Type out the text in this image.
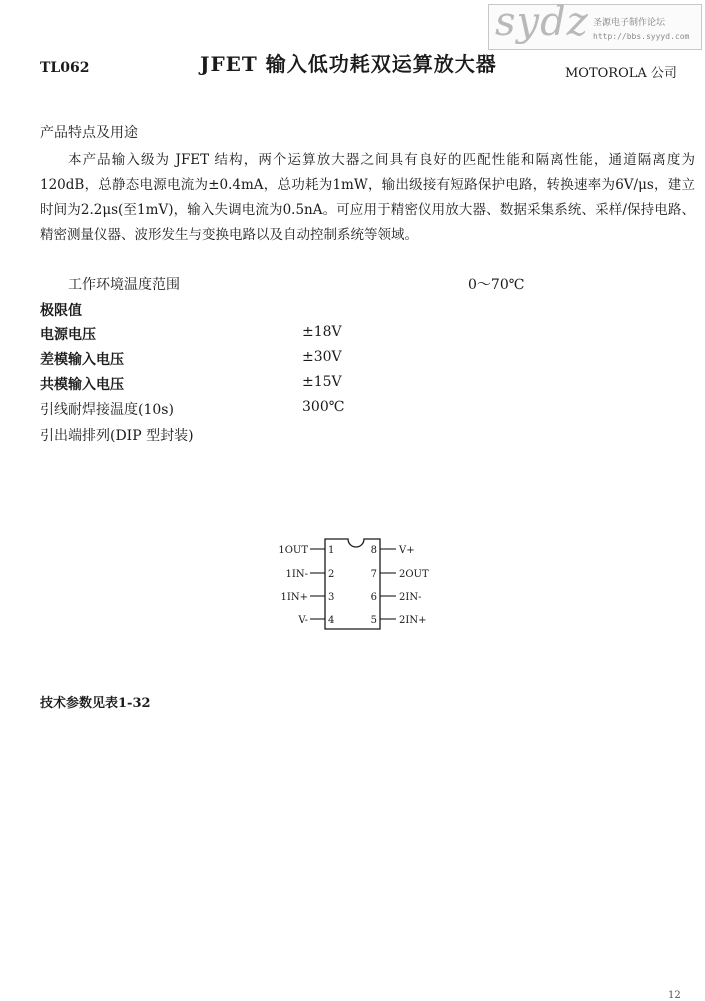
sydz 圣源电子制作论坛
http://bbs.syyyd.com
TL062	JFET 输入低功耗双运算放大器	MOTOROLA 公司
产品特点及用途
本产品输入级为 JFET 结构，两个运算放大器之间具有良好的匹配性能和隔离性能，通道隔离度为120dB，总静态电源电流为±0.4mA，总功耗为1mW，输出级接有短路保护电路，转换速率为6V/μs，建立时间为2.2μs(至1mV)，输入失调电流为0.5nA。可应用于精密仪用放大器、数据采集系统、采样/保持电路、精密测量仪器、波形发生与变换电路以及自动控制系统等领域。
工作环境温度范围	0～70℃
极限值
电源电压	±18V
差模输入电压	±30V
共模输入电压	±15V
引线耐焊接温度(10s)	300℃
引出端排列(DIP 型封装)
1OUT 1
1IN- 2
1IN+ 3
V- 4
8 V+
7 2OUT
6 2IN-
5 2IN+
技术参数见表1-32
12
